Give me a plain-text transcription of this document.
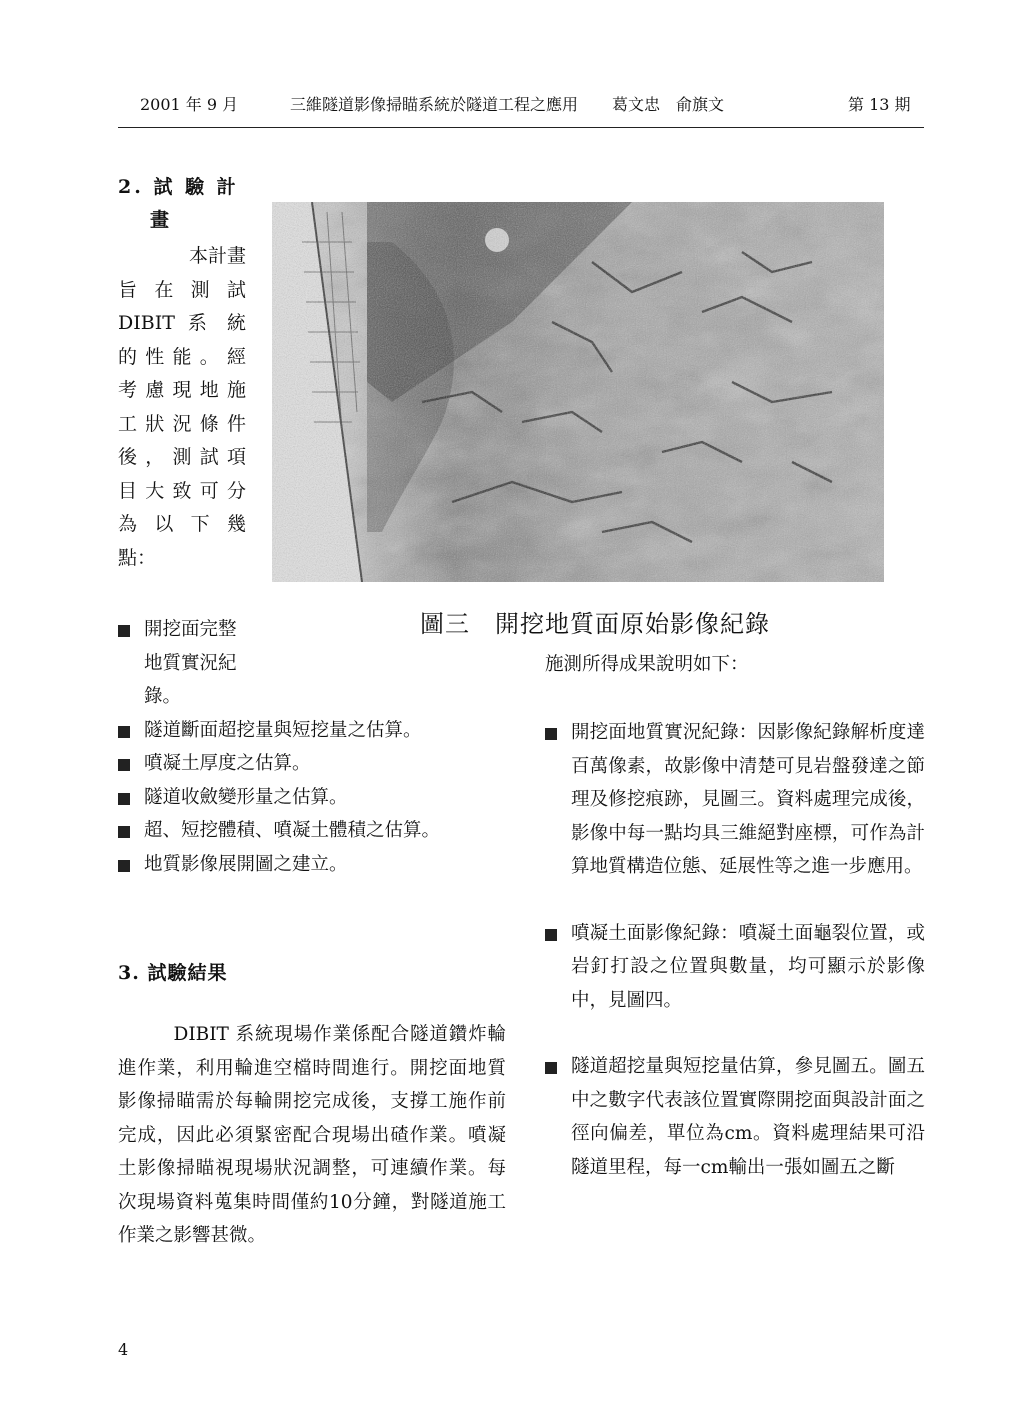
2001 年 9 月	三維隧道影像掃瞄系統於隧道工程之應用 葛文忠　俞旗文	第 13 期
2. 試 驗 計
畫

本計畫

旨 在 測 試

DIBIT 系 統

的性能。經

考慮現地施

工狀況條件

後，測試項

目大致可分

為 以 下 幾

點：

圖三　開挖地質面原始影像紀錄
開挖面完整
地質實況紀
錄。
隧道斷面超挖量與短挖量之估算。
噴凝土厚度之估算。
隧道收斂變形量之估算。
超、短挖體積、噴凝土體積之估算。
地質影像展開圖之建立。
3. 試驗結果

DIBIT 系統現場作業係配合隧道鑽炸輪進作業，利用輪進空檔時間進行。開挖面地質影像掃瞄需於每輪開挖完成後，支撐工施作前完成，因此必須緊密配合現場出碴作業。噴凝土影像掃瞄視現場狀況調整，可連續作業。每次現場資料蒐集時間僅約10分鐘，對隧道施工作業之影響甚微。

施測所得成果說明如下：
開挖面地質實況紀錄：因影像紀錄解析度達百萬像素，故影像中清楚可見岩盤發達之節理及修挖痕跡，見圖三。資料處理完成後，影像中每一點均具三維絕對座標，可作為計算地質構造位態、延展性等之進一步應用。
噴凝土面影像紀錄：噴凝土面龜裂位置，或岩釘打設之位置與數量，均可顯示於影像中，見圖四。
隧道超挖量與短挖量估算，參見圖五。圖五中之數字代表該位置實際開挖面與設計面之徑向偏差，單位為cm。資料處理結果可沿隧道里程，每一cm輸出一張如圖五之斷
4
